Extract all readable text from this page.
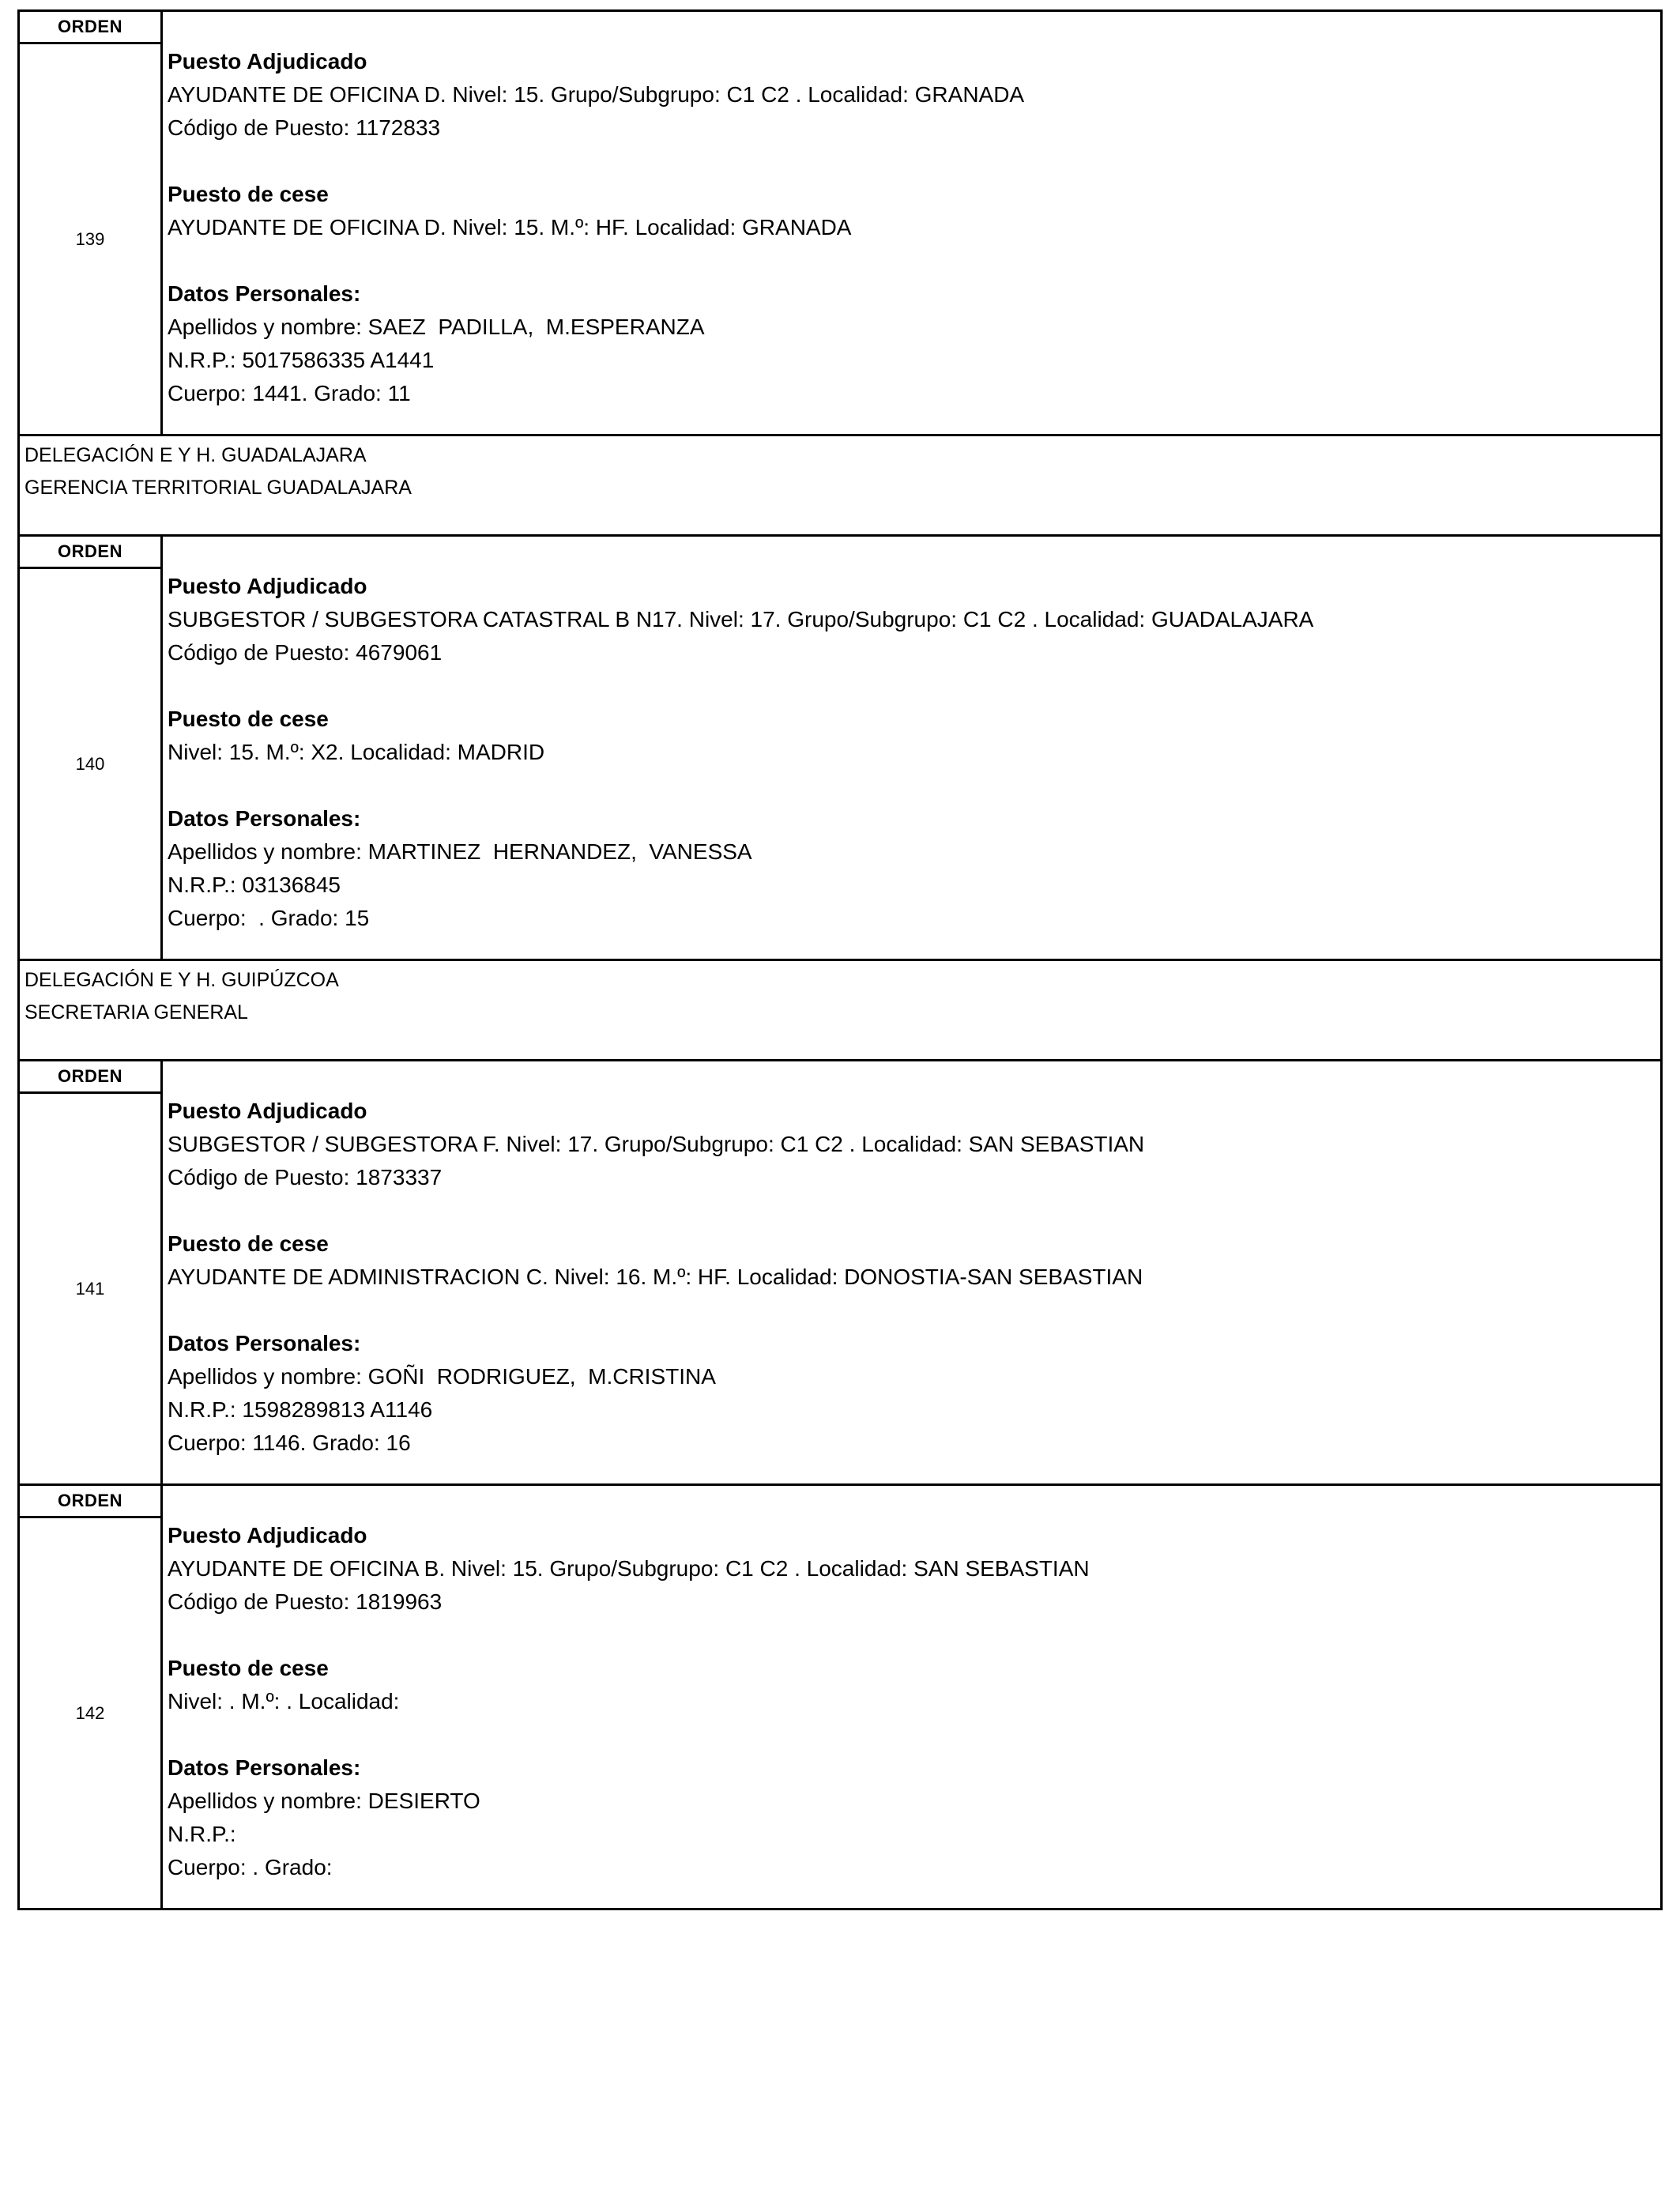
ORDEN
139
Puesto Adjudicado
AYUDANTE DE OFICINA D. Nivel: 15. Grupo/Subgrupo: C1 C2 . Localidad: GRANADA
Código de Puesto: 1172833
Puesto de cese
AYUDANTE DE OFICINA D. Nivel: 15. M.º: HF. Localidad: GRANADA
Datos Personales:
Apellidos y nombre: SAEZ  PADILLA,  M.ESPERANZA
N.R.P.: 5017586335 A1441
Cuerpo: 1441. Grado: 11
DELEGACIÓN E Y H. GUADALAJARA
GERENCIA TERRITORIAL GUADALAJARA
ORDEN
140
Puesto Adjudicado
SUBGESTOR / SUBGESTORA CATASTRAL B N17. Nivel: 17. Grupo/Subgrupo: C1 C2 . Localidad: GUADALAJARA
Código de Puesto: 4679061
Puesto de cese
Nivel: 15. M.º: X2. Localidad: MADRID
Datos Personales:
Apellidos y nombre: MARTINEZ  HERNANDEZ,  VANESSA
N.R.P.: 03136845
Cuerpo:  . Grado: 15
DELEGACIÓN E Y H. GUIPÚZCOA
SECRETARIA GENERAL
ORDEN
141
Puesto Adjudicado
SUBGESTOR / SUBGESTORA F. Nivel: 17. Grupo/Subgrupo: C1 C2 . Localidad: SAN SEBASTIAN
Código de Puesto: 1873337
Puesto de cese
AYUDANTE DE ADMINISTRACION C. Nivel: 16. M.º: HF. Localidad: DONOSTIA-SAN SEBASTIAN
Datos Personales:
Apellidos y nombre: GOÑI  RODRIGUEZ,  M.CRISTINA
N.R.P.: 1598289813 A1146
Cuerpo: 1146. Grado: 16
ORDEN
142
Puesto Adjudicado
AYUDANTE DE OFICINA B. Nivel: 15. Grupo/Subgrupo: C1 C2 . Localidad: SAN SEBASTIAN
Código de Puesto: 1819963
Puesto de cese
Nivel: . M.º: . Localidad:
Datos Personales:
Apellidos y nombre: DESIERTO
N.R.P.:
Cuerpo: . Grado:
